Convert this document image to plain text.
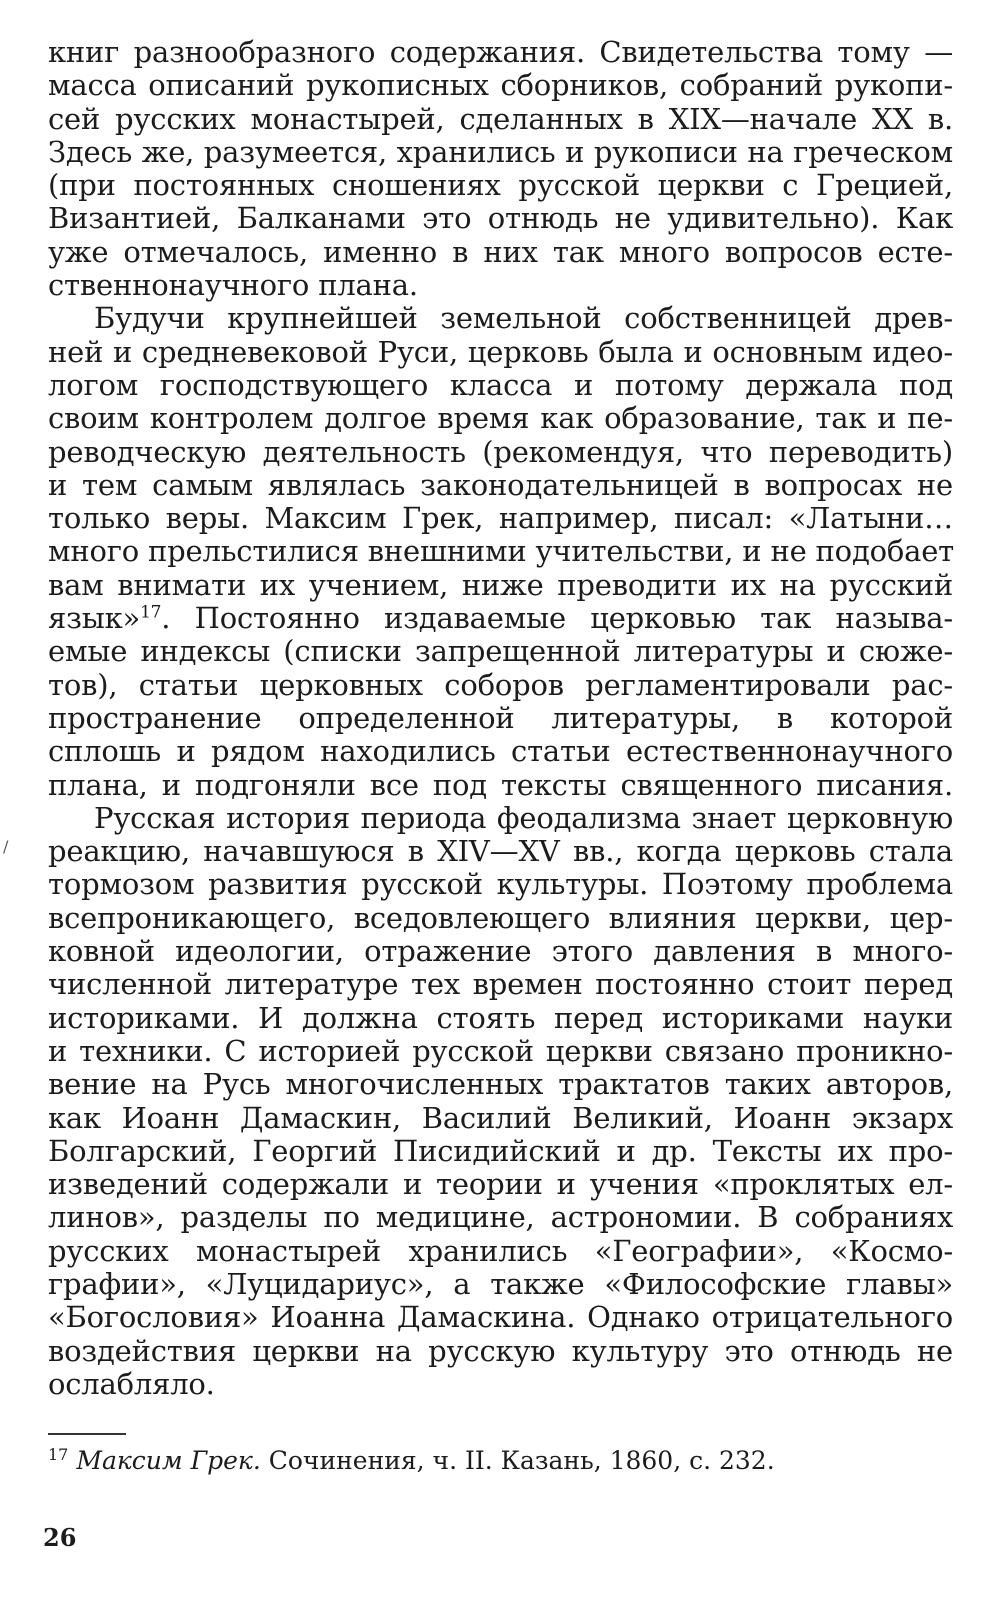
книг разнообразного содержания. Свидетельства тому —
масса описаний рукописных сборников, собраний рукопи-
сей русских монастырей, сделанных в XIX—начале XX в.
Здесь же, разумеется, хранились и рукописи на греческом
(при постоянных сношениях русской церкви с Грецией,
Византией, Балканами это отнюдь не удивительно). Как
уже отмечалось, именно в них так много вопросов есте-
ственнонаучного плана.
Будучи крупнейшей земельной собственницей древ-
ней и средневековой Руси, церковь была и основным идео-
логом господствующего класса и потому держала под
своим контролем долгое время как образование, так и пе-
реводческую деятельность (рекомендуя, что переводить)
и тем самым являлась законодательницей в вопросах не
только веры. Максим Грек, например, писал: «Латыни…
много прельстилися внешними учительстви, и не подобает
вам внимати их учением, ниже преводити их на русский
язык»$^{17}$. Постоянно издаваемые церковью так называ-
емые индексы (списки запрещенной литературы и сюже-
тов), статьи церковных соборов регламентировали рас-
пространение определенной литературы, в которой
сплошь и рядом находились статьи естественнонаучного
плана, и подгоняли все под тексты священного писания.
Русская история периода феодализма знает церковную
реакцию, начавшуюся в XIV—XV вв., когда церковь стала
тормозом развития русской культуры. Поэтому проблема
всепроникающего, вседовлеющего влияния церкви, цер-
ковной идеологии, отражение этого давления в много-
численной литературе тех времен постоянно стоит перед
историками. И должна стоять перед историками науки
и техники. С историей русской церкви связано проникно-
вение на Русь многочисленных трактатов таких авторов,
как Иоанн Дамаскин, Василий Великий, Иоанн экзарх
Болгарский, Георгий Писидийский и др. Тексты их про-
изведений содержали и теории и учения «проклятых ел-
линов», разделы по медицине, астрономии. В собраниях
русских монастырей хранились «Географии», «Космо-
графии», «Луцидариус», а также «Философские главы»
«Богословия» Иоанна Дамаскина. Однако отрицательного
воздействия церкви на русскую культуру это отнюдь не
ослабляло.
/
$^{17}$ Максим Грек. Сочинения, ч. II. Казань, 1860, с. 232.
26
